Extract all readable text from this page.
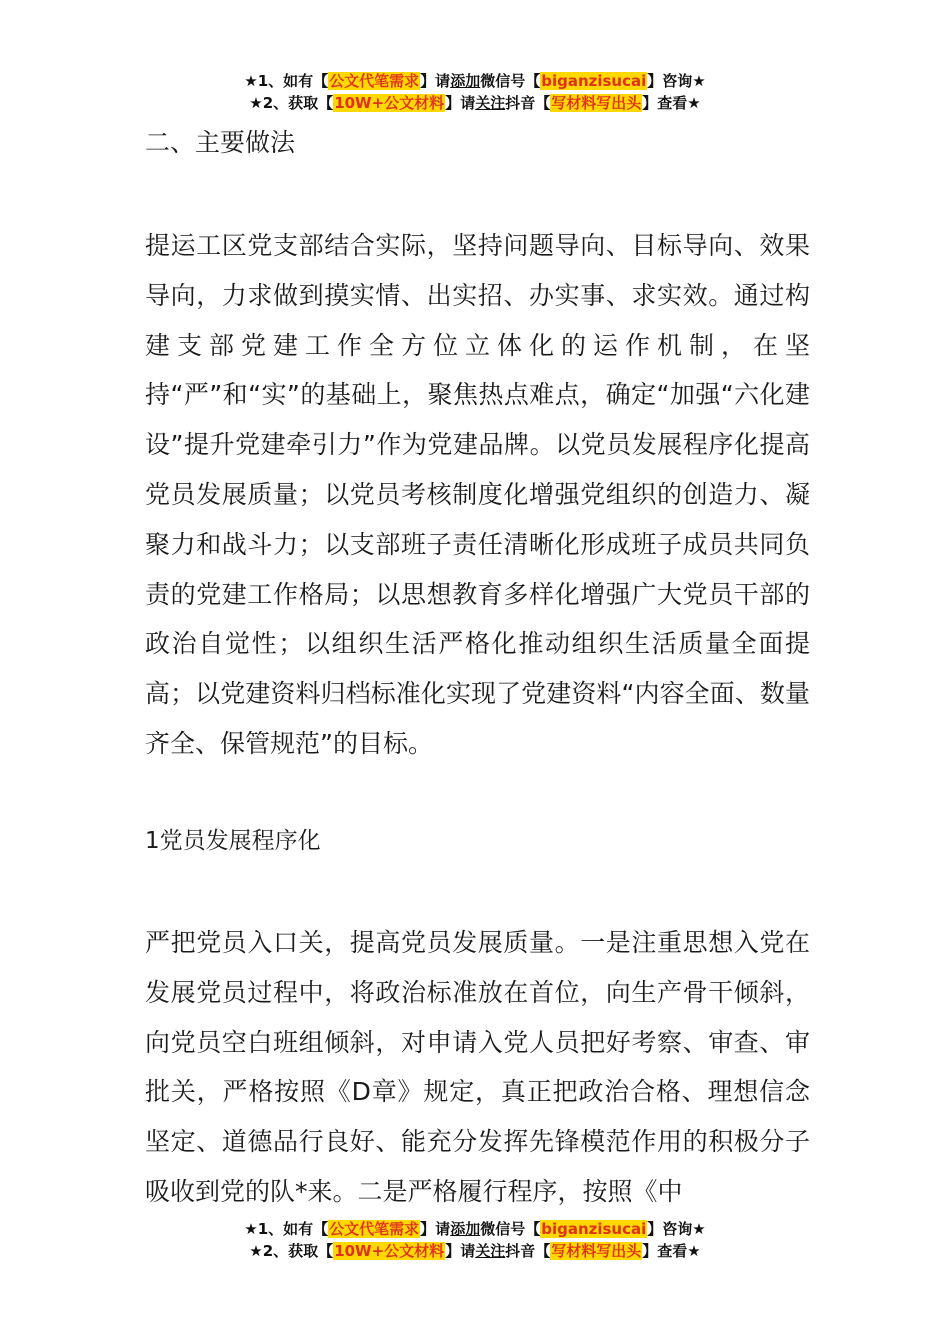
★1、如有【公文代笔需求】请添加微信号【biganzisucai】咨询★
★2、获取【10W+公文材料】请关注抖音【写材料写出头】查看★
二、主要做法
提运工区党支部结合实际，坚持问题导向、目标导向、效果导向，力求做到摸实情、出实招、办实事、求实效。通过构建支部党建工作全方位立体化的运作机制，在坚持“严”和“实”的基础上，聚焦热点难点，确定“加强“六化建设”提升党建牵引力”作为党建品牌。以党员发展程序化提高党员发展质量；以党员考核制度化增强党组织的创造力、凝聚力和战斗力；以支部班子责任清晰化形成班子成员共同负责的党建工作格局；以思想教育多样化增强广大党员干部的政治自觉性；以组织生活严格化推动组织生活质量全面提高；以党建资料归档标准化实现了党建资料“内容全面、数量齐全、保管规范”的目标。
1党员发展程序化
严把党员入口关，提高党员发展质量。一是注重思想入党在发展党员过程中，将政治标准放在首位，向生产骨干倾斜，向党员空白班组倾斜，对申请入党人员把好考察、审查、审批关，严格按照《D章》规定，真正把政治合格、理想信念坚定、道德品行良好、能充分发挥先锋模范作用的积极分子吸收到党的队*来。二是严格履行程序，按照《中
★1、如有【公文代笔需求】请添加微信号【biganzisucai】咨询★
★2、获取【10W+公文材料】请关注抖音【写材料写出头】查看★
